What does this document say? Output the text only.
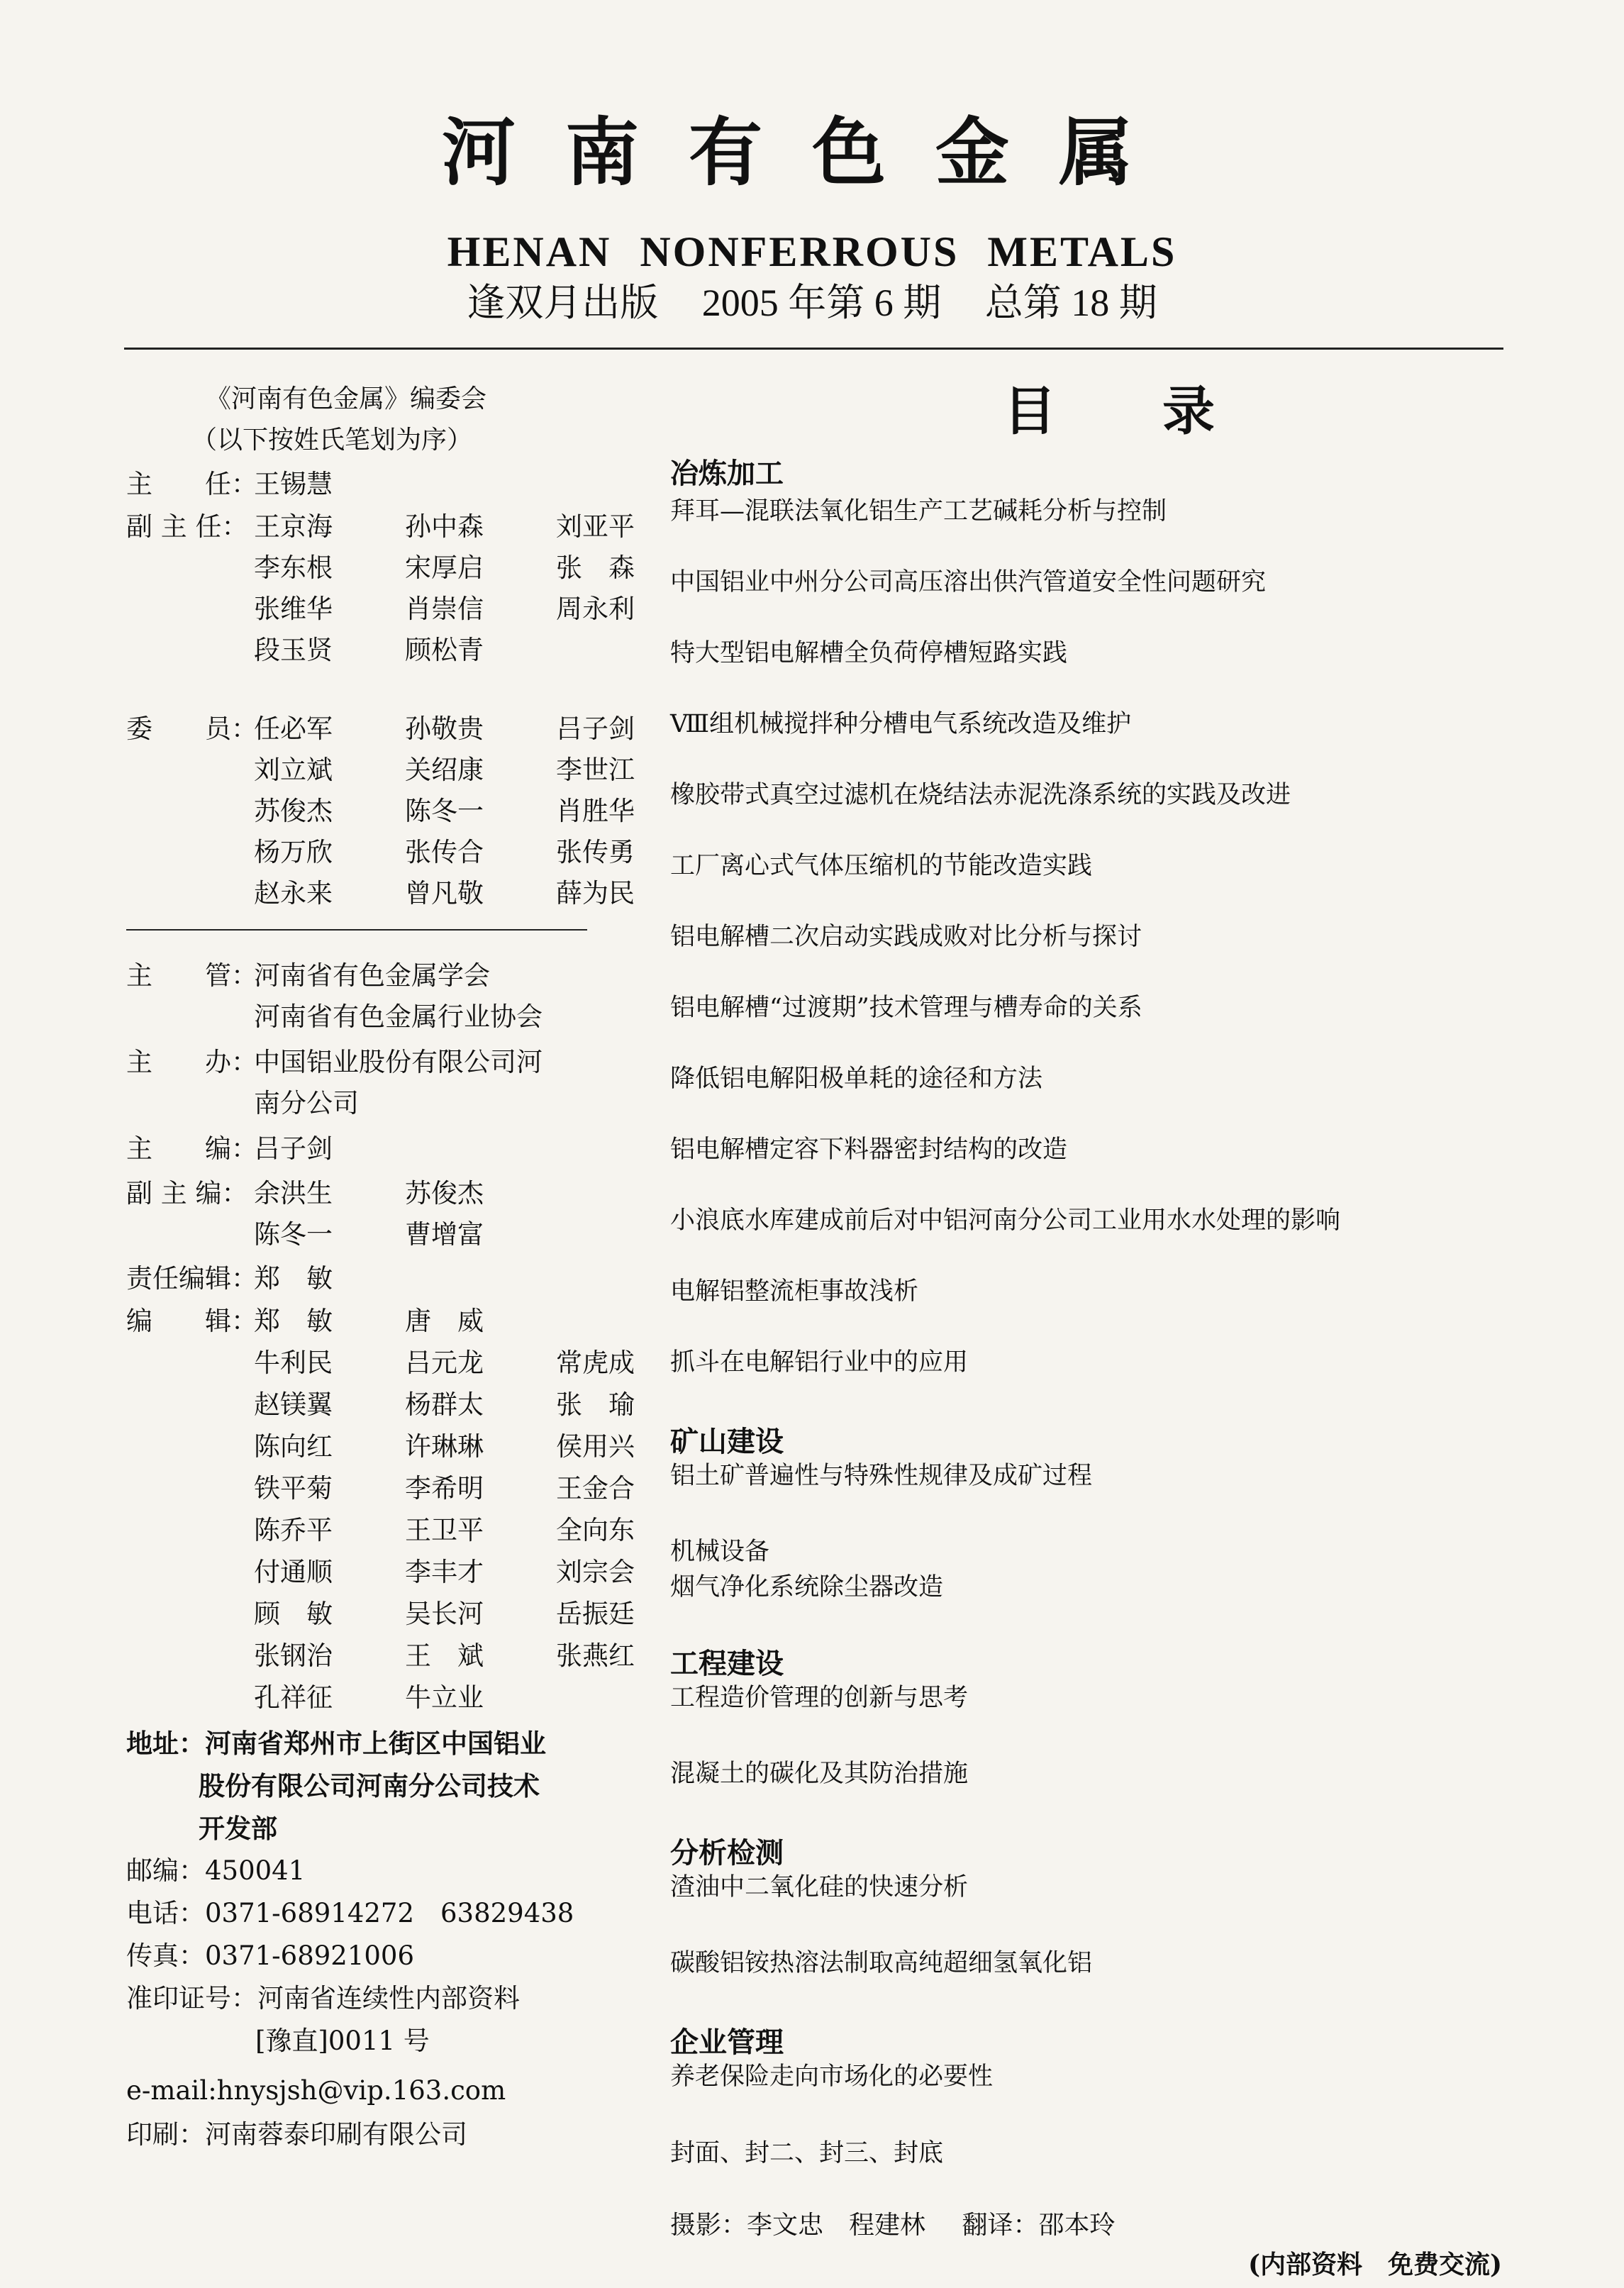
河南有色金属
HENAN NONFERROUS METALS
逢双月出版 2005 年第 6 期 总第 18 期
《河南有色金属》编委会
（以下按姓氏笔划为序）
主　　任：
王锡慧
副 主 任： 王京海	孙中森	刘亚平
李东根	宋厚启	张　森
张维华	肖崇信	周永利
段玉贤	顾松青
委　　员：
任必军	孙敬贵	吕子剑
刘立斌	关绍康	李世江
苏俊杰	陈冬一	肖胜华
杨万欣	张传合	张传勇
赵永来	曾凡敬	薛为民
主　　管：
河南省有色金属学会
河南省有色金属行业协会
主　　办：
中国铝业股份有限公司河
南分公司
主　　编：
吕子剑
副 主 编： 余洪生	苏俊杰
陈冬一	曹增富
责任编辑：
郑　敏
编　　辑：
郑　敏	唐　威
牛利民	吕元龙	常虎成
赵镁翼	杨群太	张　瑜
陈向红	许琳琳	侯用兴
铁平菊	李希明	王金合
陈乔平	王卫平	全向东
付通顺	李丰才	刘宗会
顾　敏	吴长河	岳振廷
张钢治	王　斌	张燕红
孔祥征	牛立业
地址：河南省郑州市上街区中国铝业
股份有限公司河南分公司技术
开发部
邮编：450041
电话：0371-68914272　63829438
传真：0371-68921006
准印证号：河南省连续性内部资料
[豫直]0011 号
e-mail:hnysjsh@vip.163.com
印刷：河南蓉泰印刷有限公司
目录
冶炼加工
拜耳—混联法氧化铝生产工艺碱耗分析与控制
中国铝业中州分公司高压溶出供汽管道安全性问题研究
特大型铝电解槽全负荷停槽短路实践
Ⅷ组机械搅拌种分槽电气系统改造及维护
橡胶带式真空过滤机在烧结法赤泥洗涤系统的实践及改进
工厂离心式气体压缩机的节能改造实践
铝电解槽二次启动实践成败对比分析与探讨
铝电解槽“过渡期”技术管理与槽寿命的关系
降低铝电解阳极单耗的途径和方法
铝电解槽定容下料器密封结构的改造
小浪底水库建成前后对中铝河南分公司工业用水水处理的影响
电解铝整流柜事故浅析
抓斗在电解铝行业中的应用
矿山建设
铝土矿普遍性与特殊性规律及成矿过程
机械设备
烟气净化系统除尘器改造
工程建设
工程造价管理的创新与思考
混凝土的碳化及其防治措施
分析检测
渣油中二氧化硅的快速分析
碳酸铝铵热溶法制取高纯超细氢氧化铝
企业管理
养老保险走向市场化的必要性
封面、封二、封三、封底
摄影：李文忠　程建林 翻译：邵本玲
(内部资料　免费交流)
